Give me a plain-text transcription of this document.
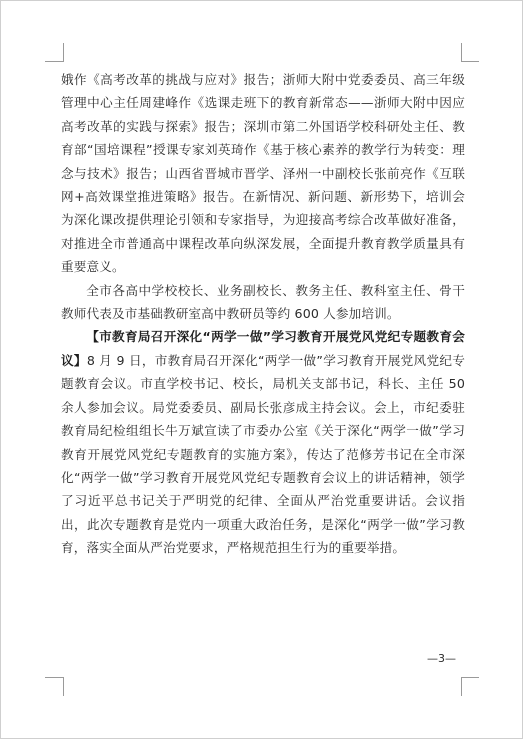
娥作《高考改革的挑战与应对》报告；浙师大附中党委委员、高三年级管理中心主任周建峰作《选课走班下的教育新常态——浙师大附中因应高考改革的实践与探索》报告；深圳市第二外国语学校科研处主任、教育部“国培课程”授课专家刘英琦作《基于核心素养的教学行为转变：理念与技术》报告；山西省晋城市晋学、泽州一中副校长张前亮作《互联网+高效课堂推进策略》报告。在新情况、新问题、新形势下，培训会为深化课改提供理论引领和专家指导，为迎接高考综合改革做好准备，对推进全市普通高中课程改革向纵深发展，全面提升教育教学质量具有重要意义。

全市各高中学校校长、业务副校长、教务主任、教科室主任、骨干教师代表及市基础教研室高中教研员等约 600 人参加培训。

【市教育局召开深化“两学一做”学习教育开展党风党纪专题教育会议】8 月 9 日，市教育局召开深化“两学一做”学习教育开展党风党纪专题教育会议。市直学校书记、校长，局机关支部书记，科长、主任 50 余人参加会议。局党委委员、副局长张彦成主持会议。会上，市纪委驻教育局纪检组组长牛万斌宣读了市委办公室《关于深化“两学一做”学习教育开展党风党纪专题教育的实施方案》，传达了范修芳书记在全市深化“两学一做”学习教育开展党风党纪专题教育会议上的讲话精神，领学了习近平总书记关于严明党的纪律、全面从严治党重要讲话。会议指出，此次专题教育是党内一项重大政治任务，是深化“两学一做”学习教育，落实全面从严治党要求，严格规范担生行为的重要举措。

—3—
